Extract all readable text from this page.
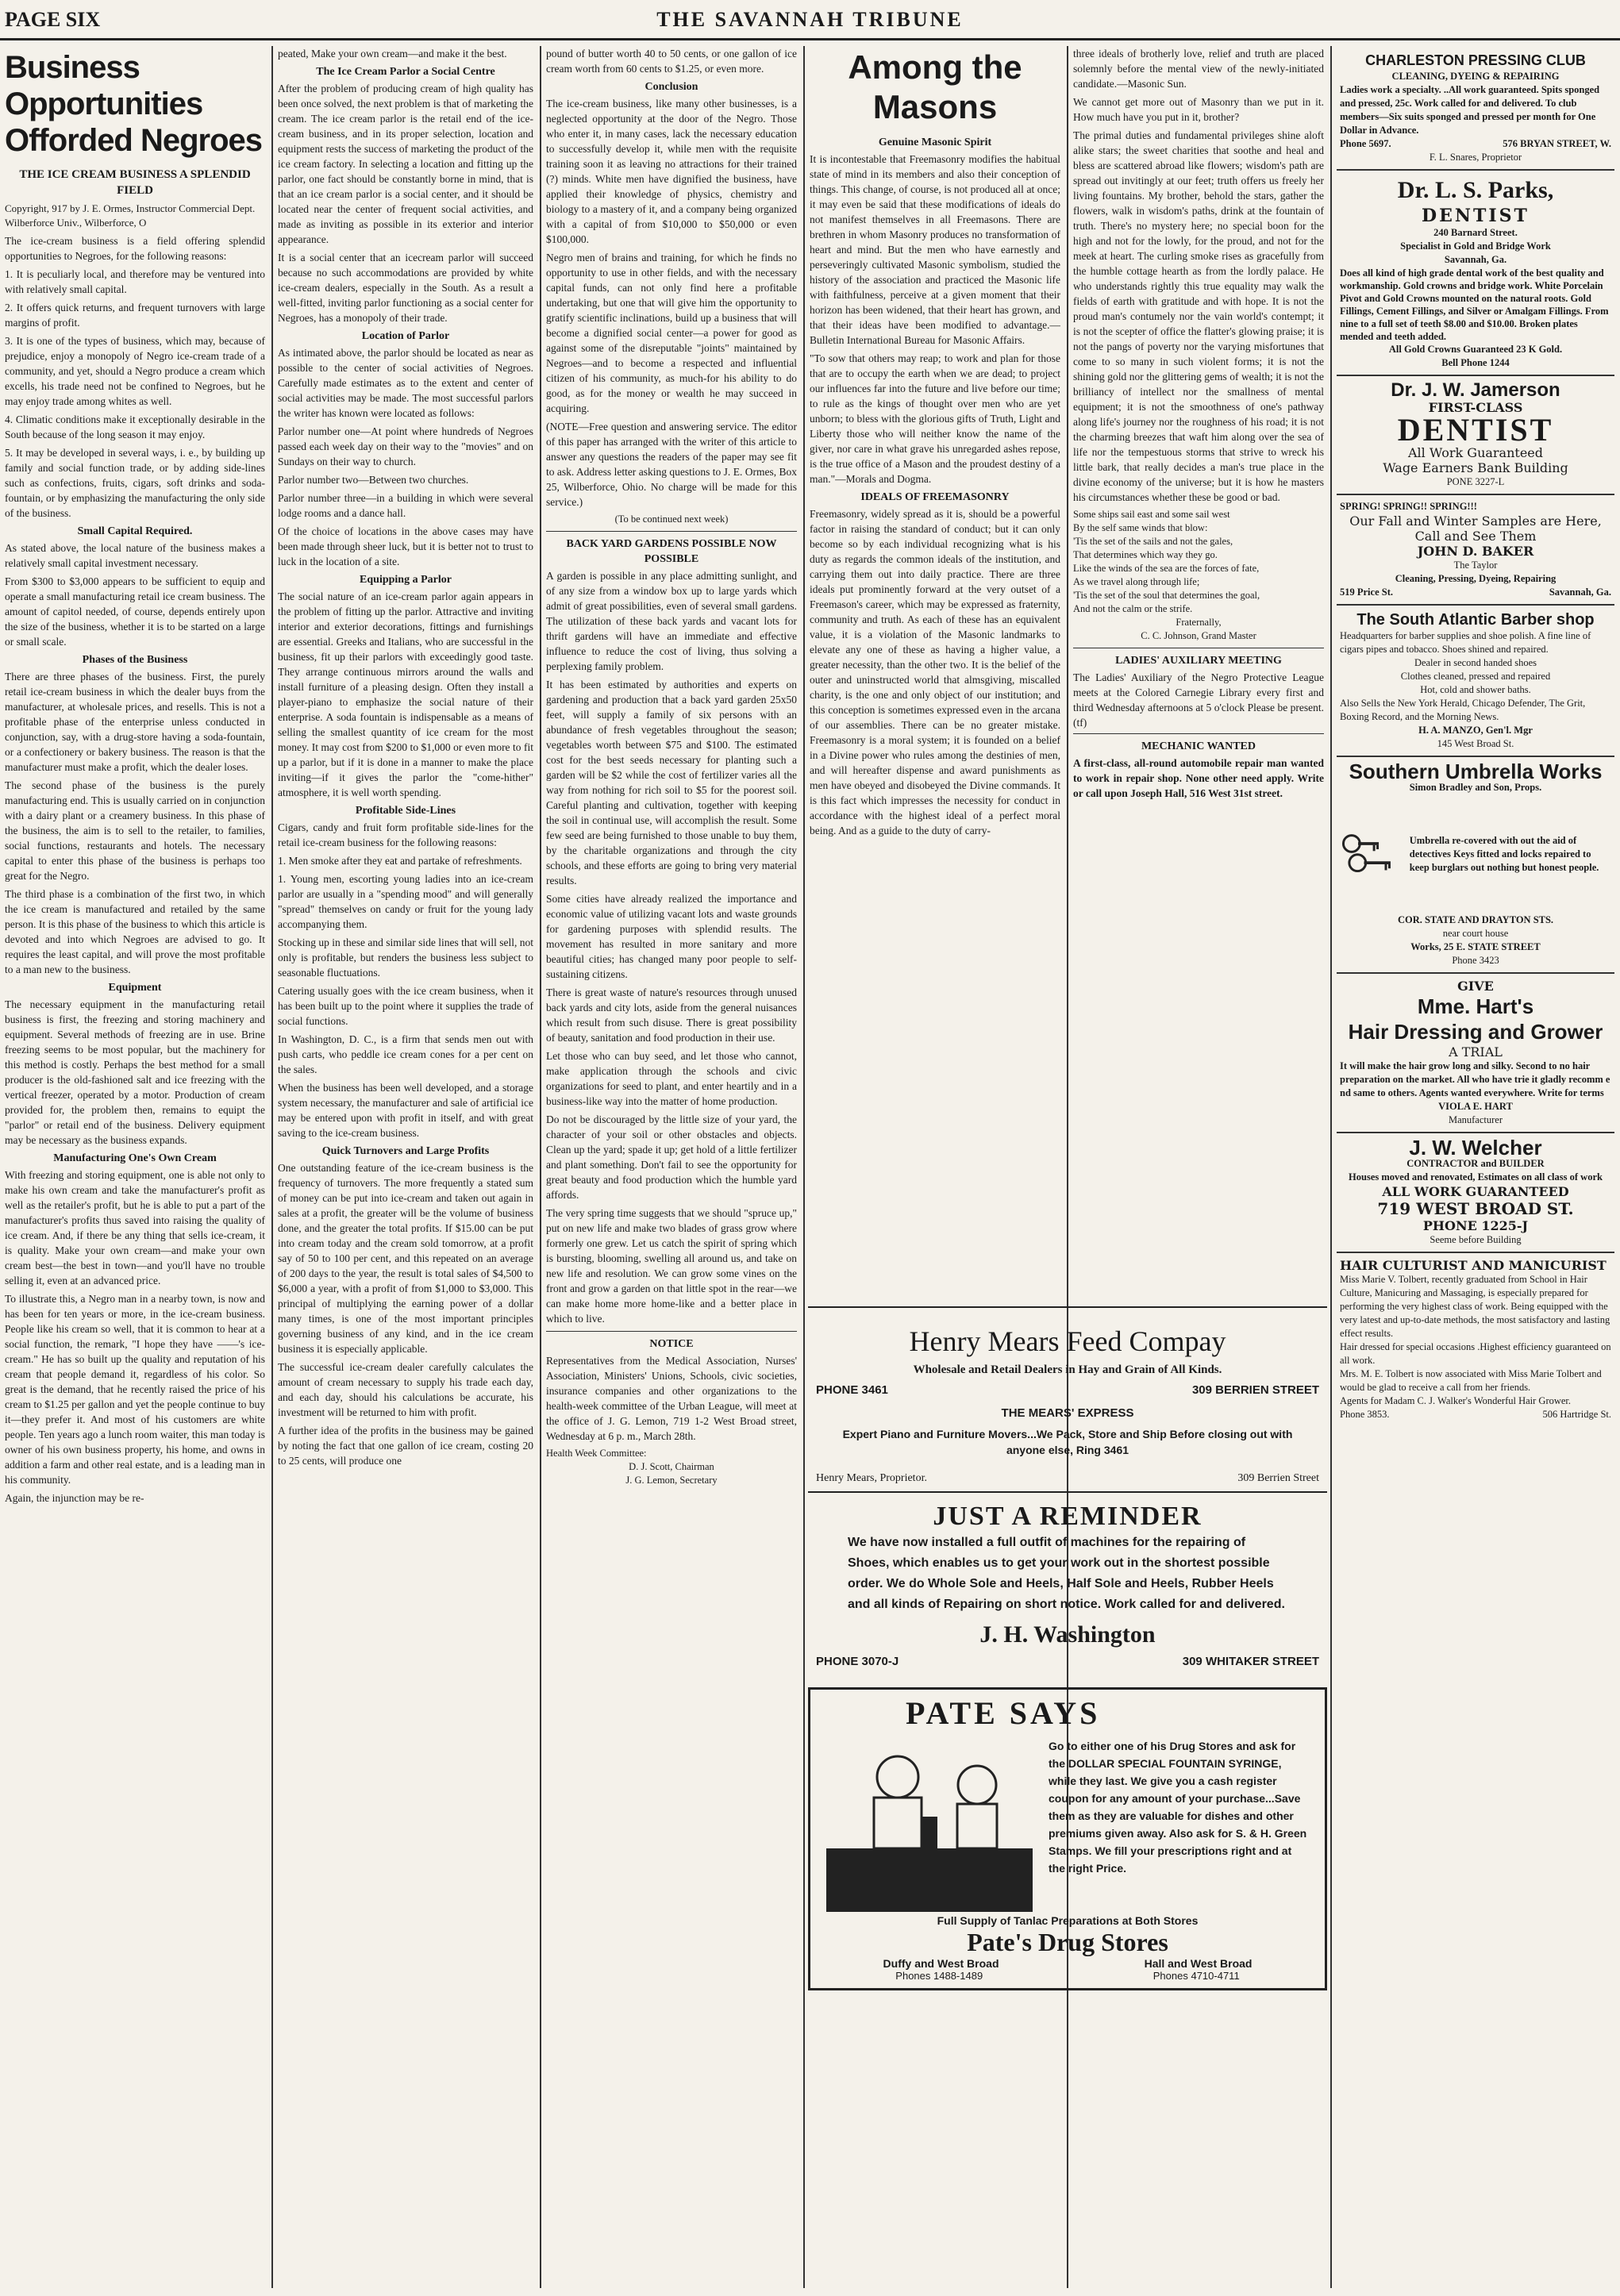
PAGE SIX	THE SAVANNAH TRIBUNE
Business Opportunities Offorded Negroes
THE ICE CREAM BUSINESS A SPLENDID FIELD
Copyright, 917 by J. E. Ormes, Instructor Commercial Dept. Wilberforce Univ., Wilberforce, O

The ice-cream business is a field offering splendid opportunities to Negroes, for the following reasons:

1. It is peculiarly local, and therefore may be ventured into with relatively small capital.

2. It offers quick returns, and frequent turnovers with large margins of profit.

3. It is one of the types of business, which may, because of prejudice, enjoy a monopoly of Negro ice-cream trade of a community, and yet, should a Negro produce a cream which excells, his trade need not be confined to Negroes, but he may enjoy trade among whites as well.

4. Climatic conditions make it exceptionally desirable in the South because of the long season it may enjoy.

5. It may be developed in several ways, i. e., by building up family and social function trade, or by adding side-lines such as confections, fruits, cigars, soft drinks and soda-fountain, or by emphasizing the manufacturing the only side of the business.

Small Capital Required.

As stated above, the local nature of the business makes a relatively small capital investment necessary.

From $300 to $3,000 appears to be sufficient to equip and operate a small manufacturing retail ice cream business. The amount of capitol needed, of course, depends entirely upon the size of the business, whether it is to be started on a large or small scale.

Phases of the Business

There are three phases of the business. First, the purely retail ice-cream business in which the dealer buys from the manufacturer, at wholesale prices, and resells. This is not a profitable phase of the enterprise unless conducted in conjunction, say, with a drug-store having a soda-fountain, or a confectionery or bakery business. The reason is that the manufacturer must make a profit, which the dealer loses.

The second phase of the business is the purely manufacturing end. This is usually carried on in conjunction with a dairy plant or a creamery business. In this phase of the business, the aim is to sell to the retailer, to families, social functions, restaurants and hotels. The necessary capital to enter this phase of the business is perhaps too great for the Negro.

The third phase is a combination of the first two, in which the ice cream is manufactured and retailed by the same person. It is this phase of the business to which this article is devoted and into which Negroes are advised to go. It requires the least capital, and will prove the most profitable to a man new to the business.

Equipment

The necessary equipment in the manufacturing retail business is first, the freezing and storing machinery and equipment. Several methods of freezing are in use. Brine freezing seems to be most popular, but the machinery for this method is costly. Perhaps the best method for a small producer is the old-fashioned salt and ice freezing with the vertical freezer, operated by a motor. Production of cream provided for, the problem then, remains to equipt the "parlor" or retail end of the business. Delivery equipment may be necessary as the business expands.

Manufacturing One's Own Cream

With freezing and storing equipment, one is able not only to make his own cream and take the manufacturer's profit as well as the retailer's profit, but he is able to put a part of the manufacturer's profits thus saved into raising the quality of ice cream. And, if there be any thing that sells ice-cream, it is quality. Make your own cream—and make your own cream best—the best in town—and you'll have no trouble selling it, even at an advanced price.

To illustrate this, a Negro man in a nearby town, is now and has been for ten years or more, in the ice-cream business. People like his cream so well, that it is common to hear at a social function, the remark, "I hope they have ——'s ice-cream." He has so built up the quality and reputation of his cream that people demand it, regardless of his color. So great is the demand, that he recently raised the price of his cream to $1.25 per gallon and yet the people continue to buy it—they prefer it. And most of his customers are white people. Ten years ago a lunch room waiter, this man today is owner of his own business property, his home, and owns in addition a farm and other real estate, and is a leading man in his community.

Again, the injunction may be re-

peated, Make your own cream—and make it the best.

The Ice Cream Parlor a Social Centre

After the problem of producing cream of high quality has been once solved, the next problem is that of marketing the cream. The ice cream parlor is the retail end of the ice-cream business, and in its proper selection, location and equipment rests the success of marketing the product of the ice cream factory. In selecting a location and fitting up the parlor, one fact should be constantly borne in mind, that is that an ice cream parlor is a social center, and it should be located near the center of frequent social activities, and made as inviting as possible in its exterior and interior appearance.

It is a social center that an icecream parlor will succeed because no such accommodations are provided by white ice-cream dealers, especially in the South. As a result a well-fitted, inviting parlor functioning as a social center for Negroes, has a monopoly of their trade.

Location of Parlor

As intimated above, the parlor should be located as near as possible to the center of social activities of Negroes. Carefully made estimates as to the extent and center of social activities may be made. The most successful parlors the writer has known were located as follows:

Parlor number one—At point where hundreds of Negroes passed each week day on their way to the "movies" and on Sundays on their way to church.

Parlor number two—Between two churches.

Parlor number three—in a building in which were several lodge rooms and a dance hall.

Of the choice of locations in the above cases may have been made through sheer luck, but it is better not to trust to luck in the location of a site.

Equipping a Parlor

The social nature of an ice-cream parlor again appears in the problem of fitting up the parlor. Attractive and inviting interior and exterior decorations, fittings and furnishings are essential. Greeks and Italians, who are successful in the business, fit up their parlors with exceedingly good taste. They arrange continuous mirrors around the walls and install furniture of a pleasing design. Often they install a player-piano to emphasize the social nature of their enterprise. A soda fountain is indispensable as a means of selling the smallest quantity of ice cream for the most money. It may cost from $200 to $1,000 or even more to fit up a parlor, but if it is done in a manner to make the place inviting—if it gives the parlor the "come-hither" atmosphere, it is well worth spending.

Profitable Side-Lines

Cigars, candy and fruit form profitable side-lines for the retail ice-cream business for the following reasons:

1. Men smoke after they eat and partake of refreshments.

1. Young men, escorting young ladies into an ice-cream parlor are usually in a "spending mood" and will generally "spread" themselves on candy or fruit for the young lady accompanying them.

Stocking up in these and similar side lines that will sell, not only is profitable, but renders the business less subject to seasonable fluctuations.

Catering usually goes with the ice cream business, when it has been built up to the point where it supplies the trade of social functions.

In Washington, D. C., is a firm that sends men out with push carts, who peddle ice cream cones for a per cent on the sales.

When the business has been well developed, and a storage system necessary, the manufacturer and sale of artificial ice may be entered upon with profit in itself, and with great saving to the ice-cream business.

Quick Turnovers and Large Profits

One outstanding feature of the ice-cream business is the frequency of turnovers. The more frequently a stated sum of money can be put into ice-cream and taken out again in sales at a profit, the greater will be the volume of business done, and the greater the total profits. If $15.00 can be put into cream today and the cream sold tomorrow, at a profit say of 50 to 100 per cent, and this repeated on an average of 200 days to the year, the result is total sales of $4,500 to $6,000 a year, with a profit of from $1,000 to $3,000. This principal of multiplying the earning power of a dollar many times, is one of the most important principles governing business of any kind, and in the ice cream business it is especially applicable.

The successful ice-cream dealer carefully calculates the amount of cream necessary to supply his trade each day, and each day, should his calculations be accurate, his investment will be returned to him with profit.

A further idea of the profits in the business may be gained by noting the fact that one gallon of ice cream, costing 20 to 25 cents, will produce one

pound of butter worth 40 to 50 cents, or one gallon of ice cream worth from 60 cents to $1.25, or even more.

Conclusion

The ice-cream business, like many other businesses, is a neglected opportunity at the door of the Negro. Those who enter it, in many cases, lack the necessary education to successfully develop it, while men with the requisite training soon it as leaving no attractions for their trained (?) minds. White men have dignified the business, have applied their knowledge of physics, chemistry and biology to a mastery of it, and a company being organized with a capital of from $10,000 to $50,000 or even $100,000.

Negro men of brains and training, for which he finds no opportunity to use in other fields, and with the necessary capital funds, can not only find here a profitable undertaking, but one that will give him the opportunity to gratify scientific inclinations, build up a business that will become a dignified social center—a power for good as against some of the disreputable "joints" maintained by Negroes—and to become a respected and influential citizen of his community, as much-for his ability to do good, as for the money or wealth he may succeed in acquiring.

(NOTE—Free question and answering service. The editor of this paper has arranged with the writer of this article to answer any questions the readers of the paper may see fit to ask. Address letter asking questions to J. E. Ormes, Box 25, Wilberforce, Ohio. No charge will be made for this service.)

(To be continued next week)
BACK YARD GARDENS POSSIBLE NOW POSSIBLE

A garden is possible in any place admitting sunlight, and of any size from a window box up to large yards which admit of great possibilities, even of several small gardens. The utilization of these back yards and vacant lots for thrift gardens will have an immediate and effective influence to reduce the cost of living, thus solving a perplexing family problem.

It has been estimated by authorities and experts on gardening and production that a back yard garden 25x50 feet, will supply a family of six persons with an abundance of fresh vegetables throughout the season; vegetables worth between $75 and $100. The estimated cost for the best seeds necessary for planting such a garden will be $2 while the cost of fertilizer varies all the way from nothing for rich soil to $5 for the poorest soil. Careful planting and cultivation, together with keeping the soil in continual use, will accomplish the result. Some few seed are being furnished to those unable to buy them, by the charitable organizations and through the city schools, and these efforts are going to bring very material results.

Some cities have already realized the importance and economic value of utilizing vacant lots and waste grounds for gardening purposes with splendid results. The movement has resulted in more sanitary and more beautiful cities; has changed many poor people to self-sustaining citizens.

There is great waste of nature's resources through unused back yards and city lots, aside from the general nuisances which result from such disuse. There is great possibility of beauty, sanitation and food production in their use.

Let those who can buy seed, and let those who cannot, make application through the schools and civic organizations for seed to plant, and enter heartily and in a business-like way into the matter of home production.

Do not be discouraged by the little size of your yard, the character of your soil or other obstacles and objects. Clean up the yard; spade it up; get hold of a little fertilizer and plant something. Don't fail to see the opportunity for great beauty and food production which the humble yard affords.

The very spring time suggests that we should "spruce up," put on new life and make two blades of grass grow where formerly one grew. Let us catch the spirit of spring which is bursting, blooming, swelling all around us, and take on new life and resolution. We can grow some vines on the front and grow a garden on that little spot in the rear—we can make home more home-like and a better place in which to live.

NOTICE

Representatives from the Medical Association, Nurses' Association, Ministers' Unions, Schools, civic societies, insurance companies and other organizations to the health-week committee of the Urban League, will meet at the office of J. G. Lemon, 719 1-2 West Broad street, Wednesday at 6 p. m., March 28th.

Health Week Committee:
D. J. Scott, Chairman
J. G. Lemon, Secretary
Among the Masons
Genuine Masonic Spirit

It is incontestable that Freemasonry modifies the habitual state of mind in its members and also their conception of things. This change, of course, is not produced all at once; it may even be said that these modifications of ideals do not manifest themselves in all Freemasons. There are brethren in whom Masonry produces no transformation of heart and mind. But the men who have earnestly and perseveringly cultivated Masonic symbolism, studied the history of the association and practiced the Masonic life with faithfulness, perceive at a given moment that their horizon has been widened, that their heart has grown, and that their ideas have been modified to advantage.—Bulletin International Bureau for Masonic Affairs.

"To sow that others may reap; to work and plan for those that are to occupy the earth when we are dead; to project our influences far into the future and live before our time; to rule as the kings of thought over men who are yet unborn; to bless with the glorious gifts of Truth, Light and Liberty those who will neither know the name of the giver, nor care in what grave his unregarded ashes repose, is the true office of a Mason and the proudest destiny of a man."—Morals and Dogma.

IDEALS OF FREEMASONRY

Freemasonry, widely spread as it is, should be a powerful factor in raising the standard of conduct; but it can only become so by each individual recognizing what is his duty as regards the common ideals of the institution, and carrying them out into daily practice. There are three ideals put prominently forward at the very outset of a Freemason's career, which may be expressed as fraternity, community and truth. As each of these has an equivalent value, it is a violation of the Masonic landmarks to elevate any one of these as having a higher value, a greater necessity, than the other two. It is the belief of the outer and uninstructed world that almsgiving, miscalled charity, is the one and only object of our institution; and this conception is sometimes expressed even in the arcana of our assemblies. There can be no greater mistake. Freemasonry is a moral system; it is founded on a belief in a Divine power who rules among the destinies of men, and will hereafter dispense and award punishments as men have obeyed and disobeyed the Divine commands. It is this fact which impresses the necessity for conduct in accordance with the highest ideal of a perfect moral being. And as a guide to the duty of carry-

three ideals of brotherly love, relief and truth are placed solemnly before the mental view of the newly-initiated candidate.—Masonic Sun.

We cannot get more out of Masonry than we put in it. How much have you put in it, brother?

The primal duties and fundamental privileges shine aloft alike stars; the sweet charities that soothe and heal and bless are scattered abroad like flowers; wisdom's path are spread out invitingly at our feet; truth offers us freely her living fountains. My brother, behold the stars, gather the flowers, walk in wisdom's paths, drink at the fountain of truth. There's no mystery here; no special boon for the high and not for the lowly, for the proud, and not for the meek at heart. The curling smoke rises as gracefully from the humble cottage hearth as from the lordly palace. He who understands rightly this true equality may walk the fields of earth with gratitude and with hope. It is not the proud man's contumely nor the vain world's contempt; it is not the scepter of office the flatter's glowing praise; it is not the pangs of poverty nor the varying misfortunes that come to so many in such violent forms; it is not the shining gold nor the glittering gems of wealth; it is not the brilliancy of intellect nor the smallness of mental equipment; it is not the smoothness of one's pathway along life's journey nor the roughness of his road; it is not the charming breezes that waft him along over the sea of life nor the tempestuous storms that strive to wreck his little bark, that really decides a man's true place in the divine economy of the universe; but it is how he masters his circumstances whether these be good or bad.

Some ships sail east and some sail west
By the self same winds that blow:
'Tis the set of the sails and not the gales,
That determines which way they go.
Like the winds of the sea are the forces of fate,
As we travel along through life;
'Tis the set of the soul that determines the goal,
And not the calm or the strife.
Fraternally,
C. C. Johnson, Grand Master
LADIES' AUXILIARY MEETING

The Ladies' Auxiliary of the Negro Protective League meets at the Colored Carnegie Library every first and third Wednesday afternoons at 5 o'clock Please be present. (tf)

MECHANIC WANTED

A first-class, all-round automobile repair man wanted to work in repair shop. None other need apply. Write or call upon Joseph Hall, 516 West 31st street.

Henry Mears Feed Compay
Wholesale and Retail Dealers in Hay and Grain of All Kinds.
PHONE 3461	309 BERRIEN STREET
THE MEARS' EXPRESS
Expert Piano and Furniture Movers...We Pack, Store and Ship Before closing out with anyone else, Ring 3461
Henry Mears, Proprietor.	309 Berrien Street
JUST A REMINDER
We have now installed a full outfit of machines for the repairing of Shoes, which enables us to get your work out in the shortest possible order. We do Whole Sole and Heels, Half Sole and Heels, Rubber Heels and all kinds of Repairing on short notice. Work called for and delivered.
J. H. Washington
PHONE 3070-J	309 WHITAKER STREET
PATE SAYS
Go to either one of his Drug Stores and ask for the DOLLAR SPECIAL FOUNTAIN SYRINGE, while they last. We give you a cash register coupon for any amount of your purchase...Save them as they are valuable for dishes and other premiums given away. Also ask for S. & H. Green Stamps. We fill your prescriptions right and at the right Price.
Full Supply of Tanlac Preparations at Both Stores
Pate's Drug Stores
Duffy and West Broad	Hall and West Broad
Phones 1488-1489	Phones 4710-4711
CHARLESTON PRESSING CLUB
CLEANING, DYEING & REPAIRING
Ladies work a specialty. ..All work guaranteed. Spits sponged and pressed, 25c. Work called for and delivered. To club members—Six suits sponged and pressed per month for One Dollar in Advance.
Phone 5697.	576 BRYAN STREET, W.
F. L. Snares, Proprietor
Dr. L. S. Parks,
DENTIST
240 Barnard Street.
Specialist in Gold and Bridge Work
Savannah, Ga.
Does all kind of high grade dental work of the best quality and workmanship. Gold crowns and bridge work. White Porcelain Pivot and Gold Crowns mounted on the natural roots. Gold Fillings, Cement Fillings, and Silver or Amalgam Fillings. From nine to a full set of teeth $8.00 and $10.00. Broken plates mended and teeth added.
All Gold Crowns Guaranteed 23 K Gold.
Bell Phone 1244
Dr. J. W. Jamerson
FIRST-CLASS
DENTIST
All Work Guaranteed
Wage Earners Bank Building
PONE 3227-L
SPRING! SPRING!! SPRING!!!
Our Fall and Winter Samples are Here, Call and See Them
JOHN D. BAKER
The Taylor
Cleaning, Pressing, Dyeing, Repairing
519 Price St.	Savannah, Ga.
The South Atlantic Barber shop
Headquarters for barber supplies and shoe polish. A fine line of cigars pipes and tobacco. Shoes shined and repaired.
Dealer in second handed shoes
Clothes cleaned, pressed and repaired
Hot, cold and shower baths.
Also Sells the New York Herald, Chicago Defender, The Grit, Boxing Record, and the Morning News.
H. A. MANZO, Gen'l. Mgr
145 West Broad St.
Southern Umbrella Works
Simon Bradley and Son, Props.
Umbrella re-covered with out the aid of detectives Keys fitted and locks repaired to keep burglars out nothing but honest people.
COR. STATE AND DRAYTON STS.
near court house
Works, 25 E. STATE STREET
Phone 3423
GIVE
Mme. Hart's
Hair Dressing and Grower
A TRIAL
It will make the hair grow long and silky. Second to no hair preparation on the market. All who have trie it gladly recomm e nd same to others. Agents wanted everywhere. Write for terms
VIOLA E. HART
Manufacturer
J. W. Welcher
CONTRACTOR and BUILDER
Houses moved and renovated, Estimates on all class of work
ALL WORK GUARANTEED
719 WEST BROAD ST.
PHONE 1225-J
Seeme before Building
HAIR CULTURIST AND MANICURIST
Miss Marie V. Tolbert, recently graduated from School in Hair Culture, Manicuring and Massaging, is especially prepared for performing the very highest class of work. Being equipped with the very latest and up-to-date methods, the most satisfactory and lasting effect results.
Hair dressed for special occasions .Highest efficiency guaranteed on all work.
Mrs. M. E. Tolbert is now associated with Miss Marie Tolbert and would be glad to receive a call from her friends.
Agents for Madam C. J. Walker's Wonderful Hair Grower.
Phone 3853.	506 Hartridge St.
